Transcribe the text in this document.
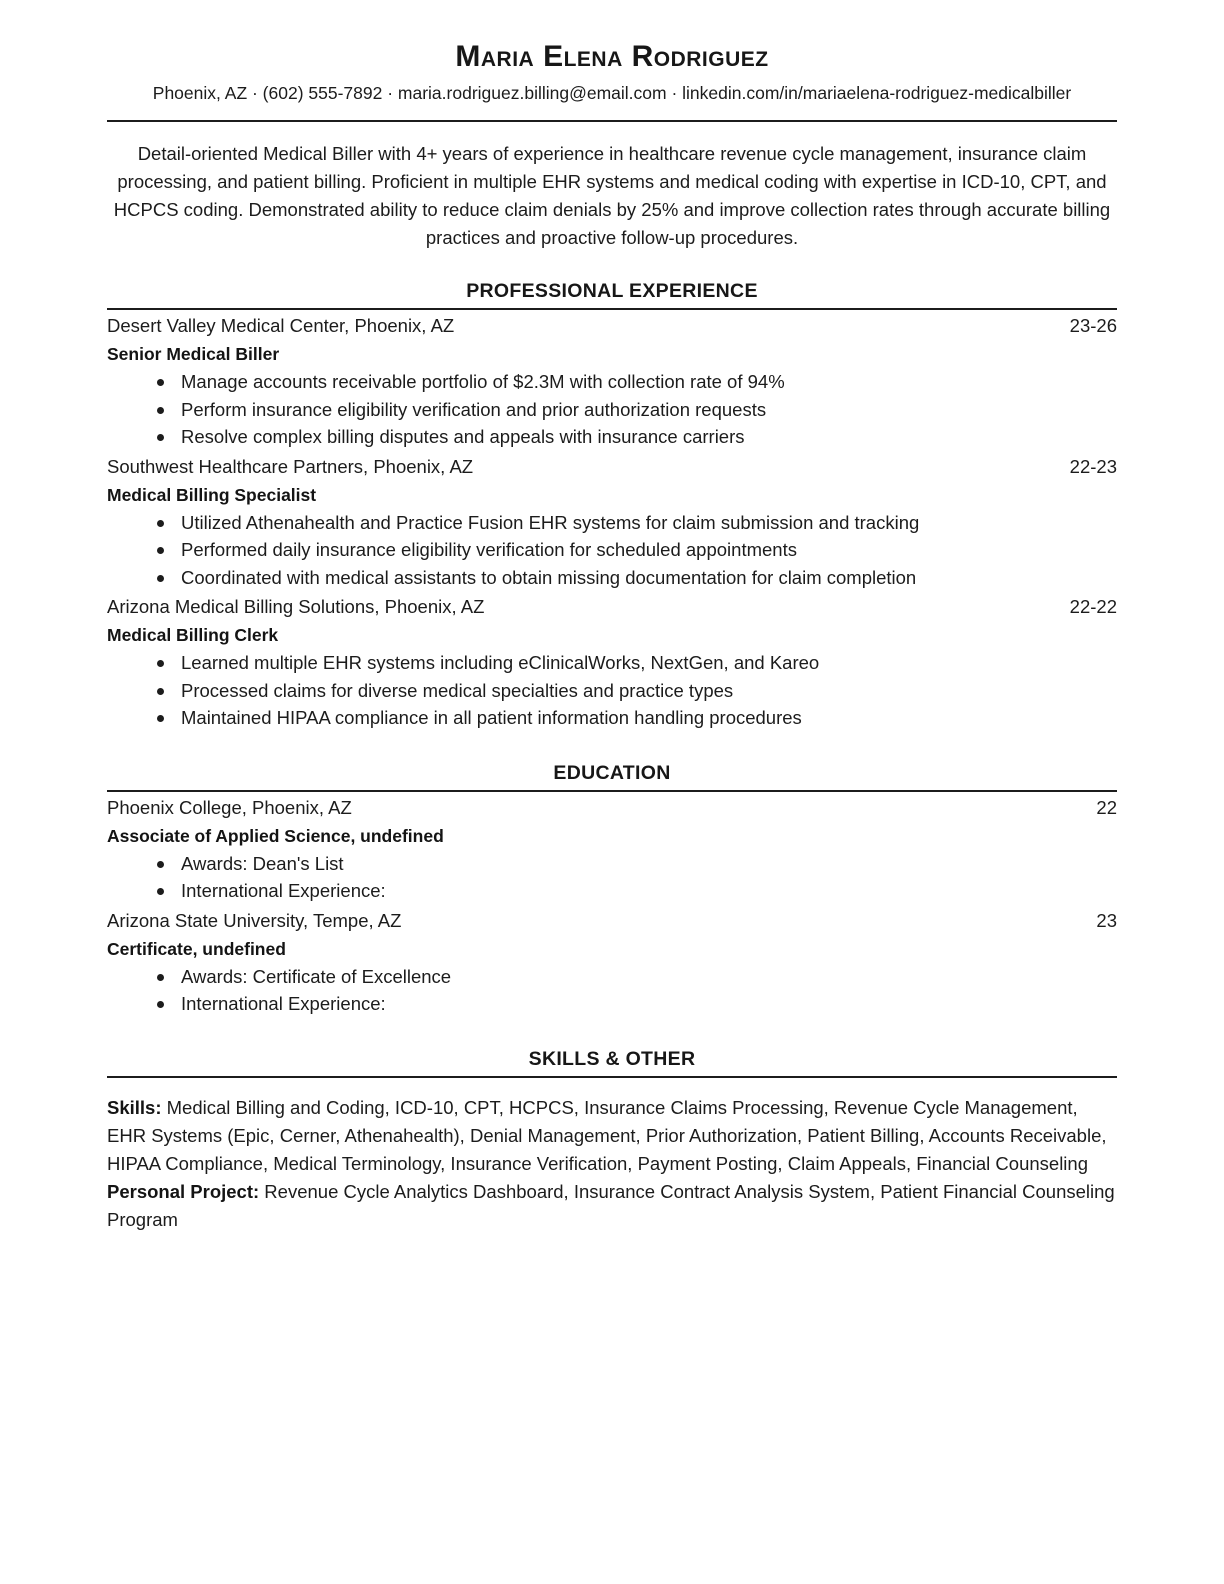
Maria Elena Rodriguez

Phoenix, AZ · (602) 555-7892 · maria.rodriguez.billing@email.com · linkedin.com/in/mariaelena-rodriguez-medicalbiller

Detail-oriented Medical Biller with 4+ years of experience in healthcare revenue cycle management, insurance claim processing, and patient billing. Proficient in multiple EHR systems and medical coding with expertise in ICD-10, CPT, and HCPCS coding. Demonstrated ability to reduce claim denials by 25% and improve collection rates through accurate billing practices and proactive follow-up procedures.

PROFESSIONAL EXPERIENCE
Desert Valley Medical Center, Phoenix, AZ	23-26
Senior Medical Biller
Manage accounts receivable portfolio of $2.3M with collection rate of 94%
Perform insurance eligibility verification and prior authorization requests
Resolve complex billing disputes and appeals with insurance carriers
Southwest Healthcare Partners, Phoenix, AZ	22-23
Medical Billing Specialist
Utilized Athenahealth and Practice Fusion EHR systems for claim submission and tracking
Performed daily insurance eligibility verification for scheduled appointments
Coordinated with medical assistants to obtain missing documentation for claim completion
Arizona Medical Billing Solutions, Phoenix, AZ	22-22
Medical Billing Clerk
Learned multiple EHR systems including eClinicalWorks, NextGen, and Kareo
Processed claims for diverse medical specialties and practice types
Maintained HIPAA compliance in all patient information handling procedures
EDUCATION
Phoenix College, Phoenix, AZ	22
Associate of Applied Science, undefined
Awards: Dean's List
International Experience:
Arizona State University, Tempe, AZ	23
Certificate, undefined
Awards: Certificate of Excellence
International Experience:
SKILLS & OTHER

Skills: Medical Billing and Coding, ICD-10, CPT, HCPCS, Insurance Claims Processing, Revenue Cycle Management, EHR Systems (Epic, Cerner, Athenahealth), Denial Management, Prior Authorization, Patient Billing, Accounts Receivable, HIPAA Compliance, Medical Terminology, Insurance Verification, Payment Posting, Claim Appeals, Financial Counseling

Personal Project: Revenue Cycle Analytics Dashboard, Insurance Contract Analysis System, Patient Financial Counseling Program
